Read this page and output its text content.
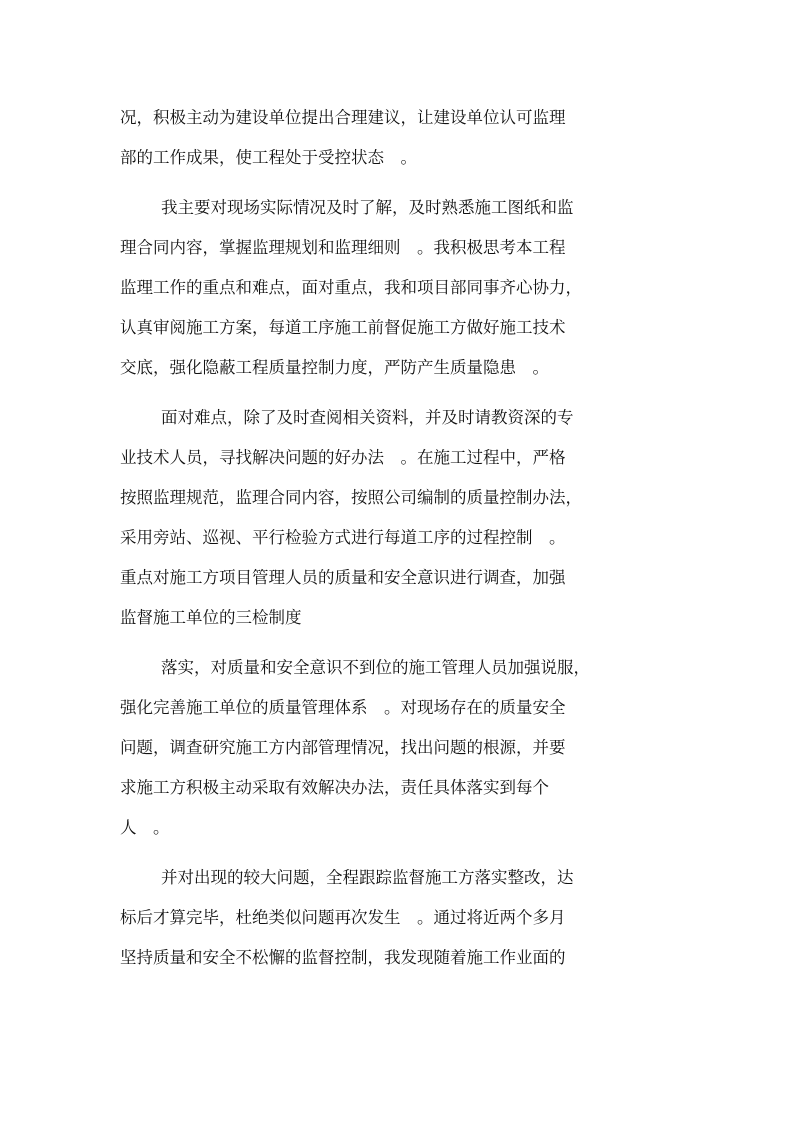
况，积极主动为建设单位提出合理建议，让建设单位认可监理
部的工作成果，使工程处于受控状态　。
我主要对现场实际情况及时了解，及时熟悉施工图纸和监
理合同内容，掌握监理规划和监理细则　。我积极思考本工程
监理工作的重点和难点，面对重点，我和项目部同事齐心协力，
认真审阅施工方案，每道工序施工前督促施工方做好施工技术
交底，强化隐蔽工程质量控制力度，严防产生质量隐患　。
面对难点，除了及时查阅相关资料，并及时请教资深的专
业技术人员，寻找解决问题的好办法　。在施工过程中，严格
按照监理规范，监理合同内容，按照公司编制的质量控制办法，
采用旁站、巡视、平行检验方式进行每道工序的过程控制　。
重点对施工方项目管理人员的质量和安全意识进行调查，加强
监督施工单位的三检制度
落实，对质量和安全意识不到位的施工管理人员加强说服，
强化完善施工单位的质量管理体系　。对现场存在的质量安全
问题，调查研究施工方内部管理情况，找出问题的根源，并要
求施工方积极主动采取有效解决办法，责任具体落实到每个
人　。
并对出现的较大问题，全程跟踪监督施工方落实整改，达
标后才算完毕，杜绝类似问题再次发生　。通过将近两个多月
坚持质量和安全不松懈的监督控制，我发现随着施工作业面的
